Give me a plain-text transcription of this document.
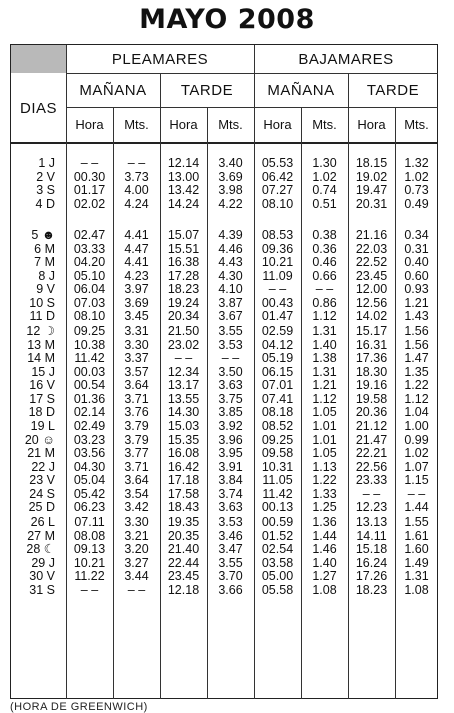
MAYO 2008
DIAS
PLEAMARES	BAJAMARES
MAÑANA	TARDE	MAÑANA	TARDE
Hora	Mts.	Hora	Mts.	Hora	Mts.	Hora	Mts.
1 J	– –	– –	12.14	3.40	05.53	1.30	18.15	1.32
2 V	00.30	3.73	13.00	3.69	06.42	1.02	19.02	1.02
3 S	01.17	4.00	13.42	3.98	07.27	0.74	19.47	0.73
4 D	02.02	4.24	14.24	4.22	08.10	0.51	20.31	0.49
5 ☻	02.47	4.41	15.07	4.39	08.53	0.38	21.16	0.34
6 M	03.33	4.47	15.51	4.46	09.36	0.36	22.03	0.31
7 M	04.20	4.41	16.38	4.43	10.21	0.46	22.52	0.40
8 J	05.10	4.23	17.28	4.30	11.09	0.66	23.45	0.60
9 V	06.04	3.97	18.23	4.10	– –	– –	12.00	0.93
10 S	07.03	3.69	19.24	3.87	00.43	0.86	12.56	1.21
11 D	08.10	3.45	20.34	3.67	01.47	1.12	14.02	1.43
12 ☽	09.25	3.31	21.50	3.55	02.59	1.31	15.17	1.56
13 M	10.38	3.30	23.02	3.53	04.12	1.40	16.31	1.56
14 M	11.42	3.37	– –	– –	05.19	1.38	17.36	1.47
15 J	00.03	3.57	12.34	3.50	06.15	1.31	18.30	1.35
16 V	00.54	3.64	13.17	3.63	07.01	1.21	19.16	1.22
17 S	01.36	3.71	13.55	3.75	07.41	1.12	19.58	1.12
18 D	02.14	3.76	14.30	3.85	08.18	1.05	20.36	1.04
19 L	02.49	3.79	15.03	3.92	08.52	1.01	21.12	1.00
20 ☺	03.23	3.79	15.35	3.96	09.25	1.01	21.47	0.99
21 M	03.56	3.77	16.08	3.95	09.58	1.05	22.21	1.02
22 J	04.30	3.71	16.42	3.91	10.31	1.13	22.56	1.07
23 V	05.04	3.64	17.18	3.84	11.05	1.22	23.33	1.15
24 S	05.42	3.54	17.58	3.74	11.42	1.33	– –	– –
25 D	06.23	3.42	18.43	3.63	00.13	1.25	12.23	1.44
26 L	07.11	3.30	19.35	3.53	00.59	1.36	13.13	1.55
27 M	08.08	3.21	20.35	3.46	01.52	1.44	14.11	1.61
28 ☾	09.13	3.20	21.40	3.47	02.54	1.46	15.18	1.60
29 J	10.21	3.27	22.44	3.55	03.58	1.40	16.24	1.49
30 V	11.22	3.44	23.45	3.70	05.00	1.27	17.26	1.31
31 S	– –	– –	12.18	3.66	05.58	1.08	18.23	1.08
(HORA DE GREENWICH)
